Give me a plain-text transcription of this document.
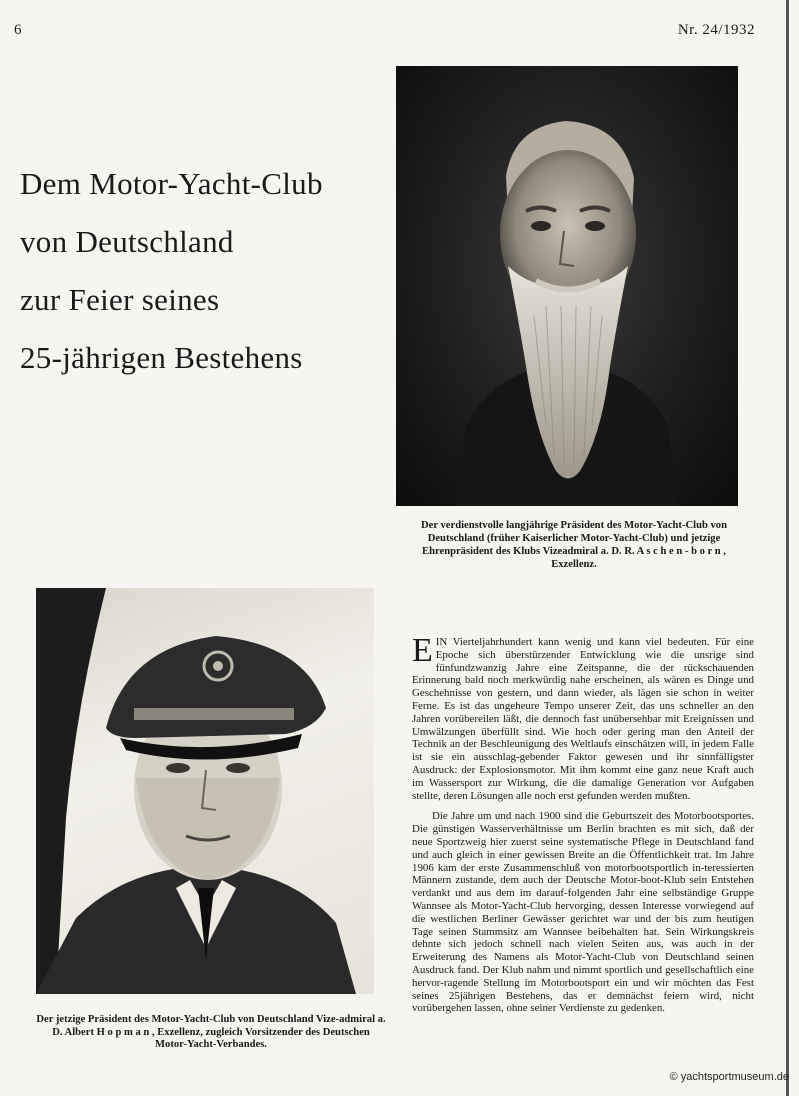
6	Nr. 24/1932
Dem Motor-Yacht-Club
von Deutschland
zur Feier seines
25-jährigen Bestehens
Der verdienstvolle langjährige Präsident des Motor-Yacht-Club von Deutschland (früher Kaiserlicher Motor-Yacht-Club) und jetzige Ehrenpräsident des Klubs Vizeadmiral a. D. R. A s c h e n - b o r n , Exzellenz.
Der jetzige Präsident des Motor-Yacht-Club von Deutschland Vize-admiral a. D. Albert H o p m a n , Exzellenz, zugleich Vorsitzender des Deutschen Motor-Yacht-Verbandes.

EIN Vierteljahrhundert kann wenig und kann viel bedeuten. Für eine Epoche sich überstürzender Entwicklung wie die unsrige sind fünfundzwanzig Jahre eine Zeitspanne, die der rückschauenden Erinnerung bald noch merkwürdig nahe erscheinen, als wären es Dinge und Geschehnisse von gestern, und dann wieder, als lägen sie schon in weiter Ferne. Es ist das ungeheure Tempo unserer Zeit, das uns schneller an den Jahren vorübereilen läßt, die dennoch fast unübersehbar mit Ereignissen und Umwälzungen überfüllt sind. Wie hoch oder gering man den Anteil der Technik an der Beschleunigung des Weltlaufs einschätzen will, in jedem Falle ist sie ein ausschlag-gebender Faktor gewesen und ihr sinnfälligster Ausdruck: der Explosionsmotor. Mit ihm kommt eine ganz neue Kraft auch im Wassersport zur Wirkung, die die damalige Generation vor Aufgaben stellte, deren Lösungen alle noch erst gefunden werden mußten.

Die Jahre um und nach 1900 sind die Geburtszeit des Motorbootsportes. Die günstigen Wasserverhältnisse um Berlin brachten es mit sich, daß der neue Sportzweig hier zuerst seine systematische Pflege in Deutschland fand und auch gleich in einer gewissen Breite an die Öffentlichkeit trat. Im Jahre 1906 kam der erste Zusammenschluß von motorbootsportlich in-teressierten Männern zustande, dem auch der Deutsche Motor-boot-Klub sein Entstehen verdankt und aus dem im darauf-folgenden Jahr eine selbständige Gruppe Wannsee als Motor-Yacht-Club hervorging, dessen Interesse vorwiegend auf die westlichen Berliner Gewässer gerichtet war und der bis zum heutigen Tage seinen Stammsitz am Wannsee beibehalten hat. Sein Wirkungskreis dehnte sich jedoch schnell nach vielen Seiten aus, was auch in der Erweiterung des Namens als Motor-Yacht-Club von Deutschland seinen Ausdruck fand. Der Klub nahm und nimmt sportlich und gesellschaftlich eine hervor-ragende Stellung im Motorbootsport ein und wir möchten das Fest seines 25jährigen Bestehens, das er demnächst feiern wird, nicht vorübergehen lassen, ohne seiner Verdienste zu gedenken.

© yachtsportmuseum.de
